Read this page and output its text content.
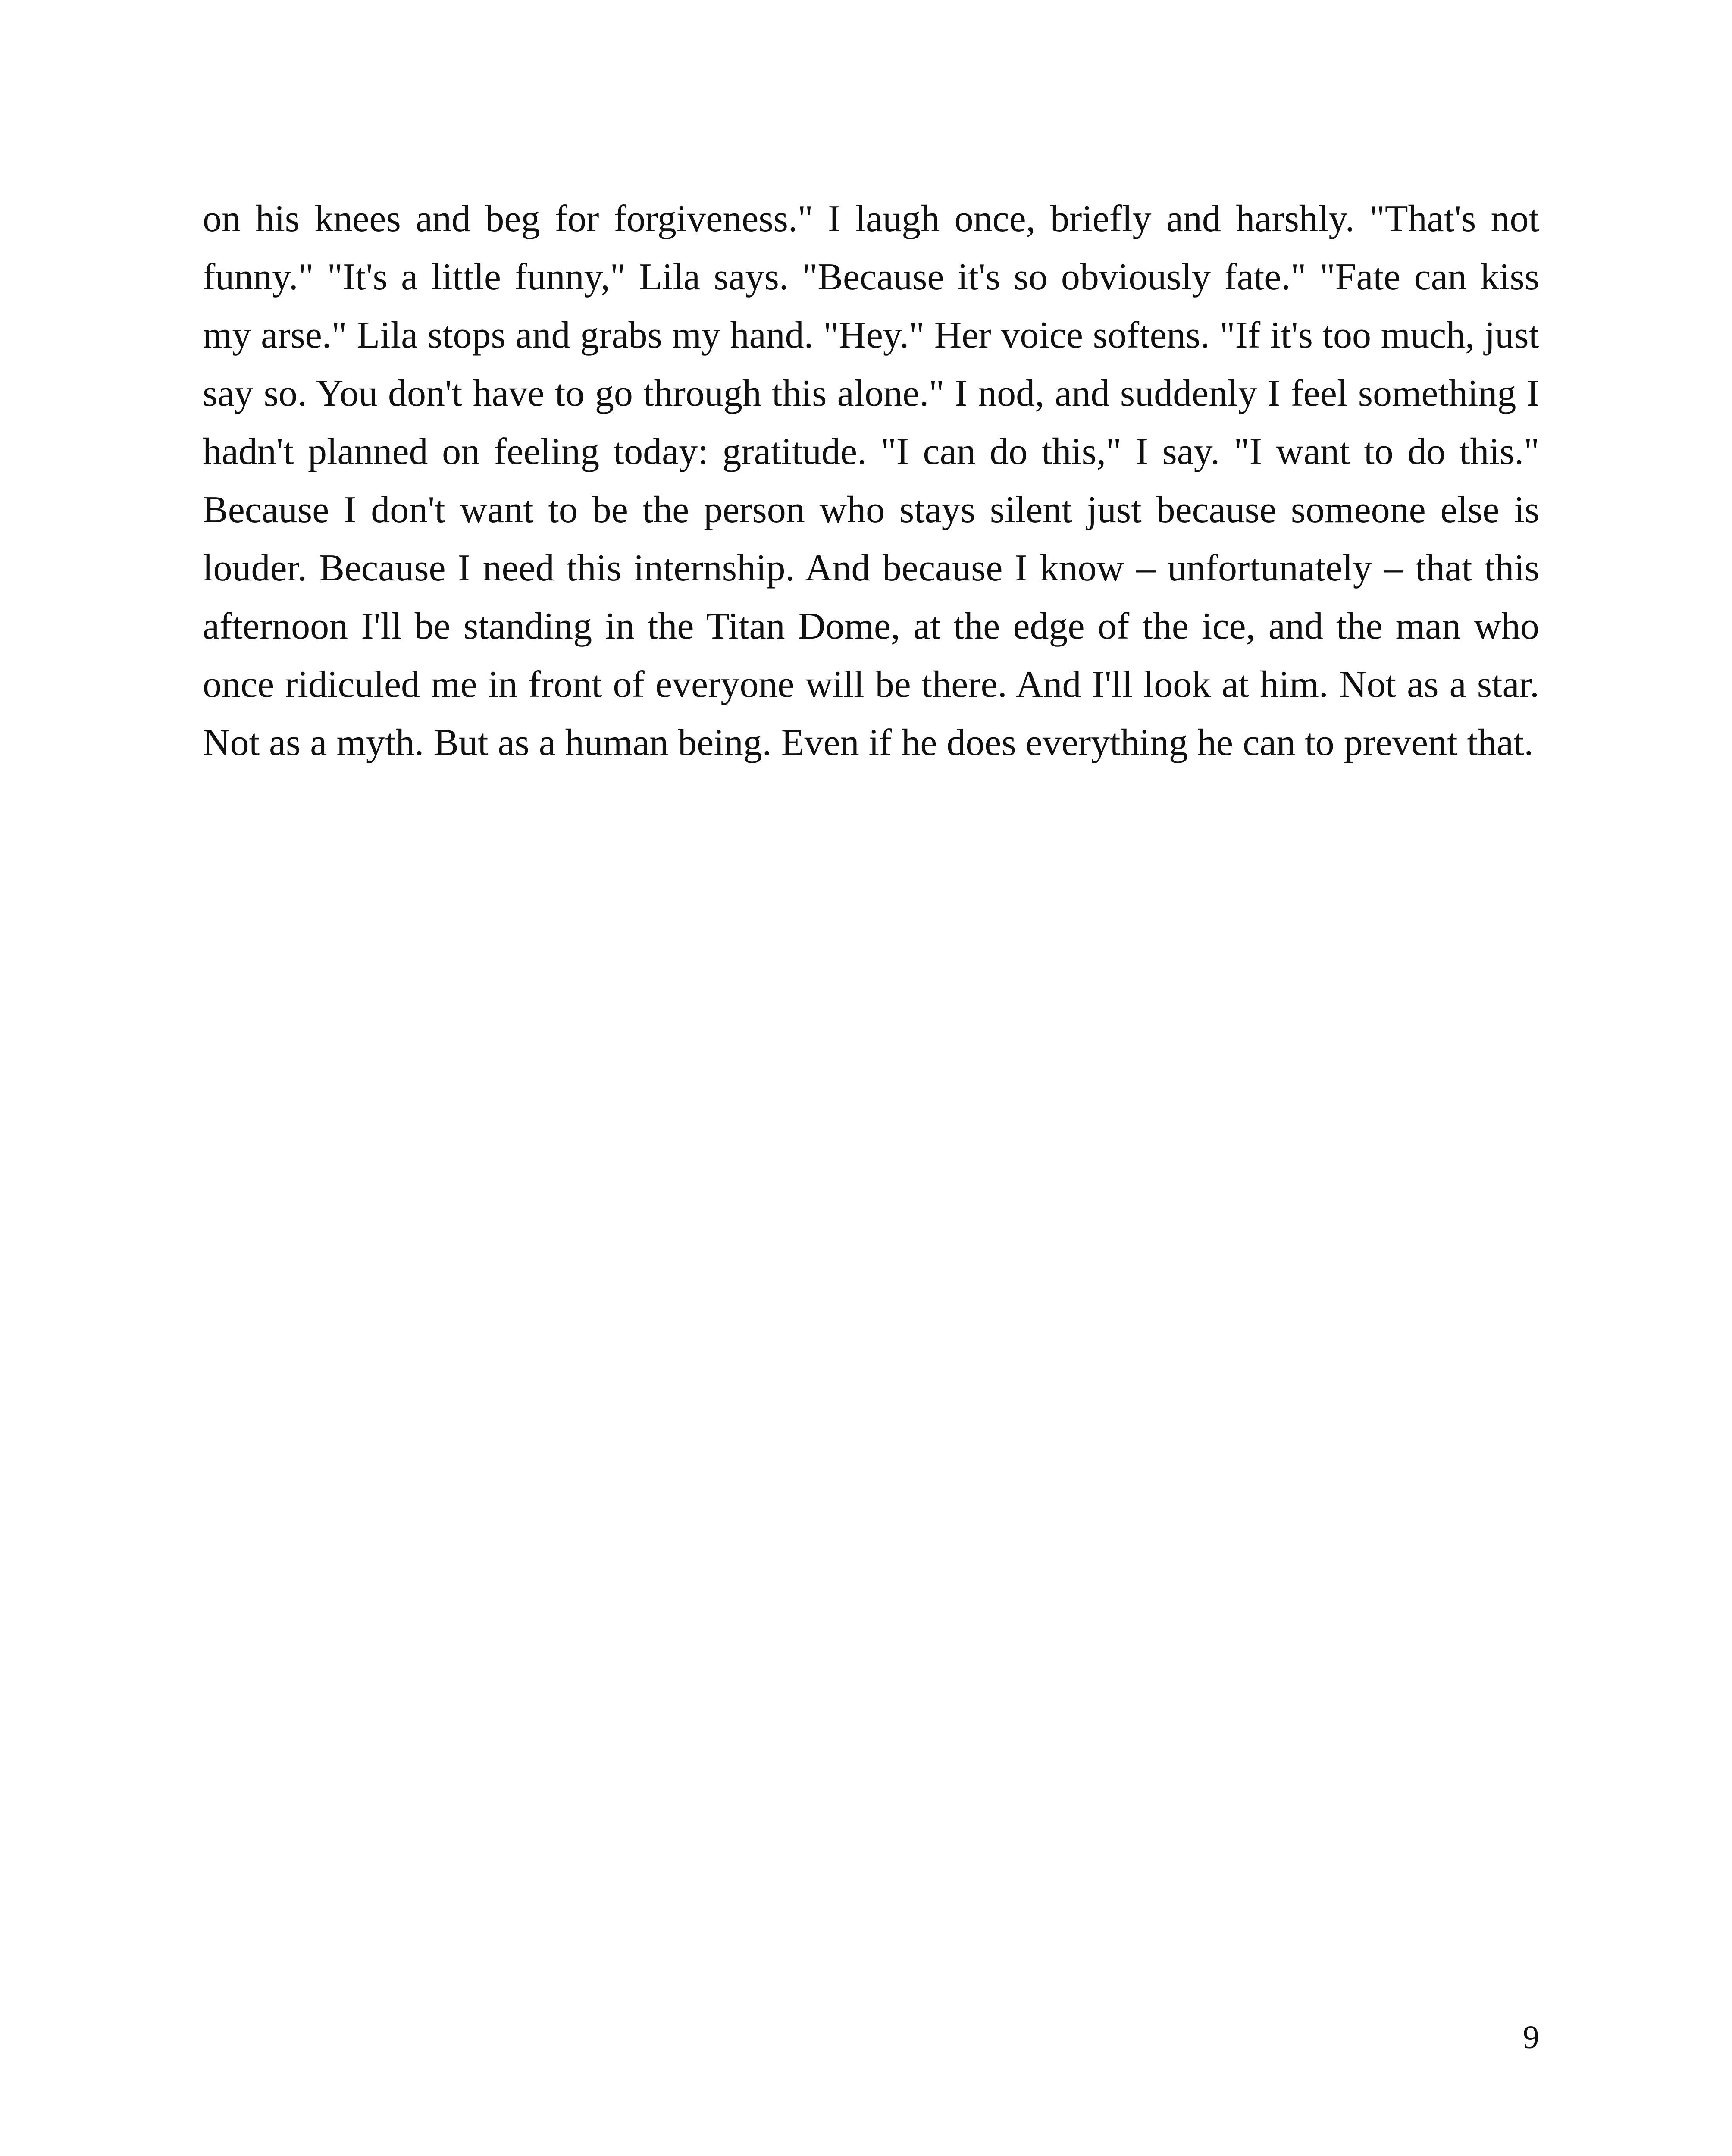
on his knees and beg for forgiveness." I laugh once, briefly and harshly. "That's not funny." "It's a little funny," Lila says. "Because it's so obviously fate." "Fate can kiss my arse." Lila stops and grabs my hand. "Hey." Her voice softens. "If it's too much, just say so. You don't have to go through this alone." I nod, and suddenly I feel something I hadn't planned on feeling today: gratitude. "I can do this," I say. "I want to do this." Because I don't want to be the person who stays silent just because someone else is louder. Because I need this internship. And because I know – unfortunately – that this afternoon I'll be standing in the Titan Dome, at the edge of the ice, and the man who once ridiculed me in front of everyone will be there. And I'll look at him. Not as a star. Not as a myth. But as a human being. Even if he does everything he can to prevent that.

9
